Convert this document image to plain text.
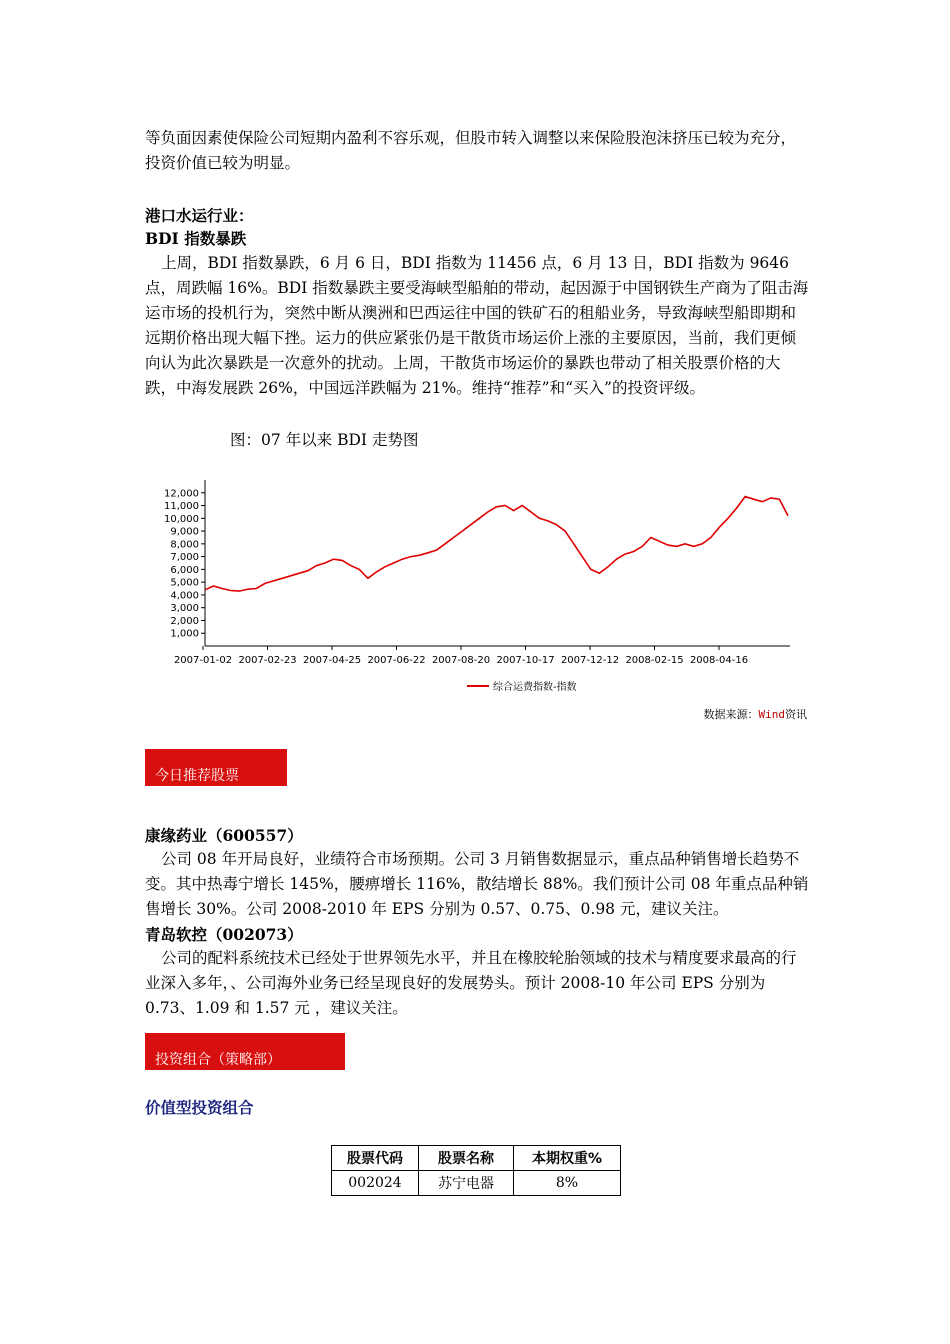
等负面因素使保险公司短期内盈利不容乐观，但股市转入调整以来保险股泡沫挤压已较为充分，投资价值已较为明显。

港口水运行业：

BDI 指数暴跌

上周，BDI 指数暴跌，6 月 6 日，BDI 指数为 11456 点，6 月 13 日，BDI 指数为 9646 点，周跌幅 16%。BDI 指数暴跌主要受海峡型船舶的带动，起因源于中国钢铁生产商为了阻击海运市场的投机行为，突然中断从澳洲和巴西运往中国的铁矿石的租船业务，导致海峡型船即期和远期价格出现大幅下挫。运力的供应紧张仍是干散货市场运价上涨的主要原因，当前，我们更倾向认为此次暴跌是一次意外的扰动。上周，干散货市场运价的暴跌也带动了相关股票价格的大跌，中海发展跌 26%，中国远洋跌幅为 21%。维持“推荐”和“买入”的投资评级。

图：07 年以来 BDI 走势图
1,000
2,000
3,000
4,000
5,000
6,000
7,000
8,000
9,000
10,000
11,000
12,000
2007-01-02 2007-02-23 2007-04-25 2007-06-22 2007-08-20 2007-10-17 2007-12-12 2008-02-15 2008-04-16
综合运费指数-指数
数据来源：Wind资讯
今日推荐股票

康缘药业（600557）

公司 08 年开局良好，业绩符合市场预期。公司 3 月销售数据显示，重点品种销售增长趋势不变。其中热毒宁增长 145%，腰痹增长 116%，散结增长 88%。我们预计公司 08 年重点品种销售增长 30%。公司 2008-2010 年 EPS 分别为 0.57、0.75、0.98 元，建议关注。

青岛软控（002073）

公司的配料系统技术已经处于世界领先水平，并且在橡胶轮胎领域的技术与精度要求最高的行业深入多年，、公司海外业务已经呈现良好的发展势头。预计 2008-10 年公司 EPS 分别为 0.73、1.09 和 1.57 元 ，建议关注。

投资组合（策略部）
价值型投资组合
股票代码	股票名称	本期权重%
002024	苏宁电器	8%
